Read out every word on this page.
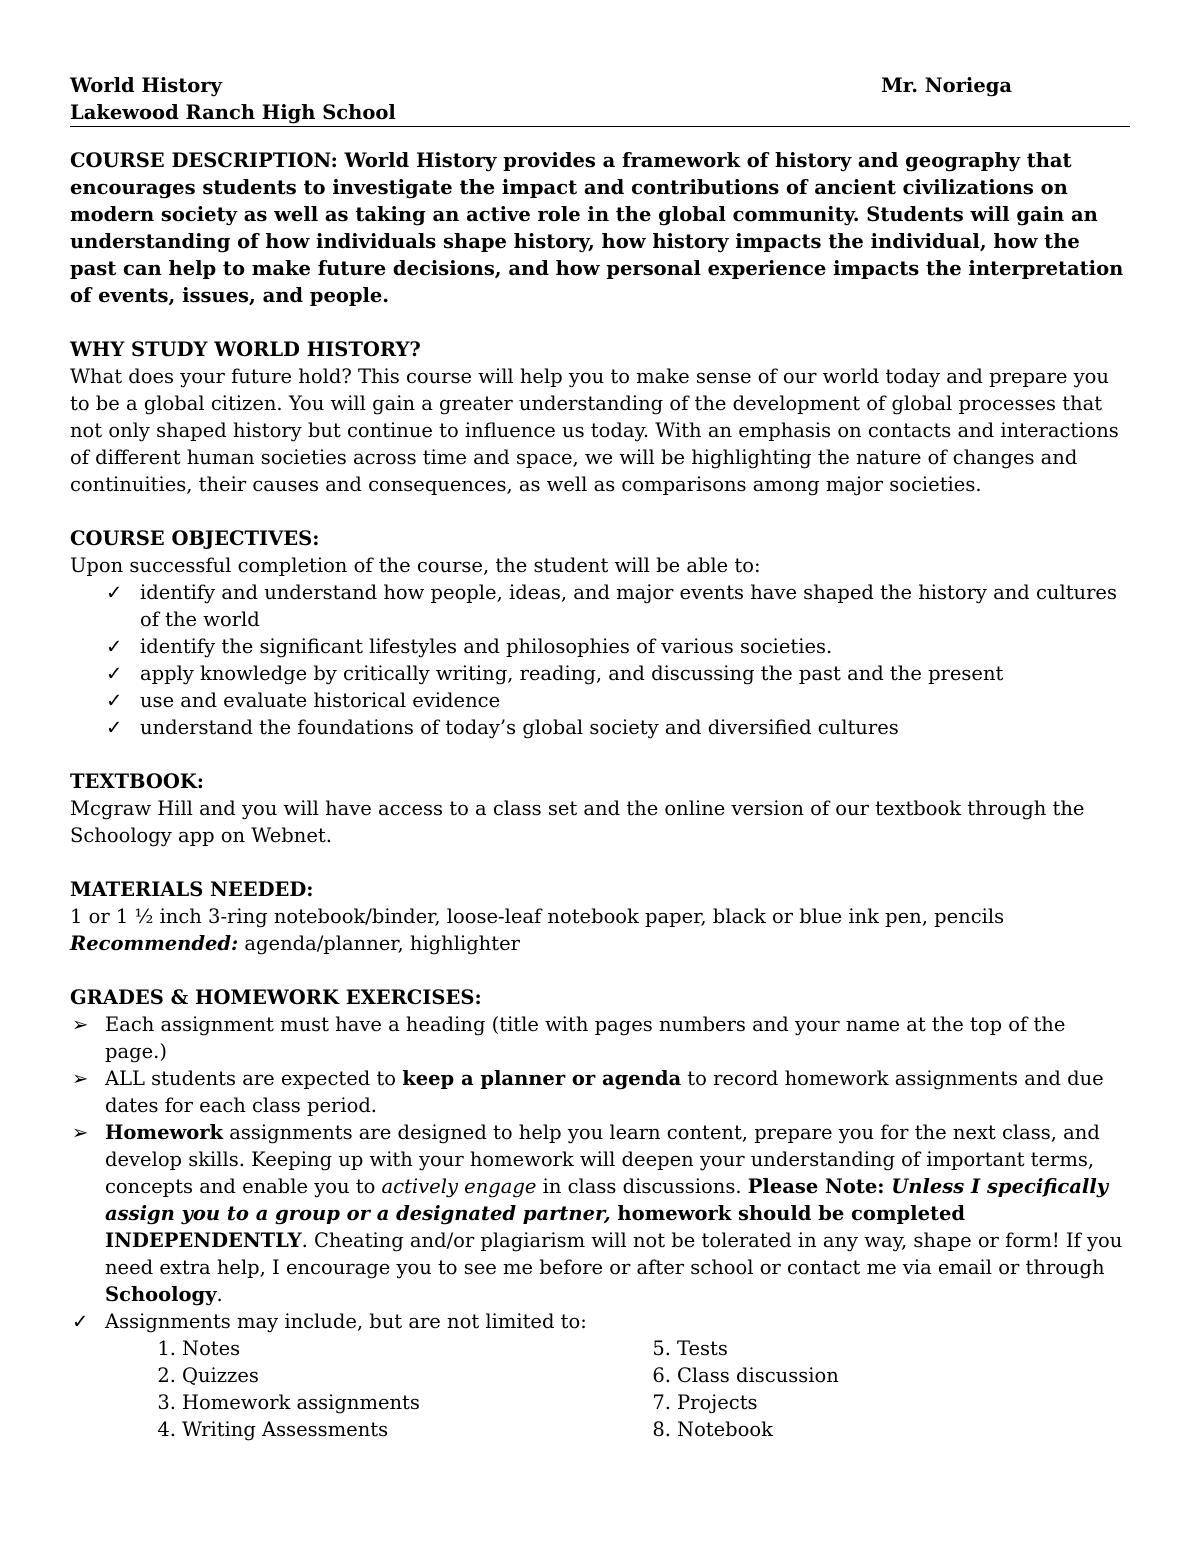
World History	Mr. Noriega
Lakewood Ranch High School

COURSE DESCRIPTION: World History provides a framework of history and geography that encourages students to investigate the impact and contributions of ancient civilizations on modern society as well as taking an active role in the global community. Students will gain an understanding of how individuals shape history, how history impacts the individual, how the past can help to make future decisions, and how personal experience impacts the interpretation of events, issues, and people.

WHY STUDY WORLD HISTORY?

What does your future hold? This course will help you to make sense of our world today and prepare you to be a global citizen. You will gain a greater understanding of the development of global processes that not only shaped history but continue to influence us today. With an emphasis on contacts and interactions of different human societies across time and space, we will be highlighting the nature of changes and continuities, their causes and consequences, as well as comparisons among major societies.

COURSE OBJECTIVES:

Upon successful completion of the course, the student will be able to:

✓ identify and understand how people, ideas, and major events have shaped the history and cultures of the world
✓ identify the significant lifestyles and philosophies of various societies.
✓ apply knowledge by critically writing, reading, and discussing the past and the present
✓ use and evaluate historical evidence
✓ understand the foundations of today’s global society and diversified cultures

TEXTBOOK:

Mcgraw Hill and you will have access to a class set and the online version of our textbook through the Schoology app on Webnet.

MATERIALS NEEDED:

1 or 1 ½ inch 3-ring notebook/binder, loose-leaf notebook paper, black or blue ink pen, pencils

Recommended: agenda/planner, highlighter

GRADES & HOMEWORK EXERCISES:

➢ Each assignment must have a heading (title with pages numbers and your name at the top of the page.)
➢ ALL students are expected to keep a planner or agenda to record homework assignments and due dates for each class period.
➢ Homework assignments are designed to help you learn content, prepare you for the next class, and develop skills. Keeping up with your homework will deepen your understanding of important terms, concepts and enable you to actively engage in class discussions. Please Note: Unless I specifically assign you to a group or a designated partner, homework should be completed INDEPENDENTLY. Cheating and/or plagiarism will not be tolerated in any way, shape or form! If you need extra help, I encourage you to see me before or after school or contact me via email or through Schoology.
✓ Assignments may include, but are not limited to:
1. Notes
2. Quizzes
3. Homework assignments
4. Writing Assessments
5. Tests
6. Class discussion
7. Projects
8. Notebook
